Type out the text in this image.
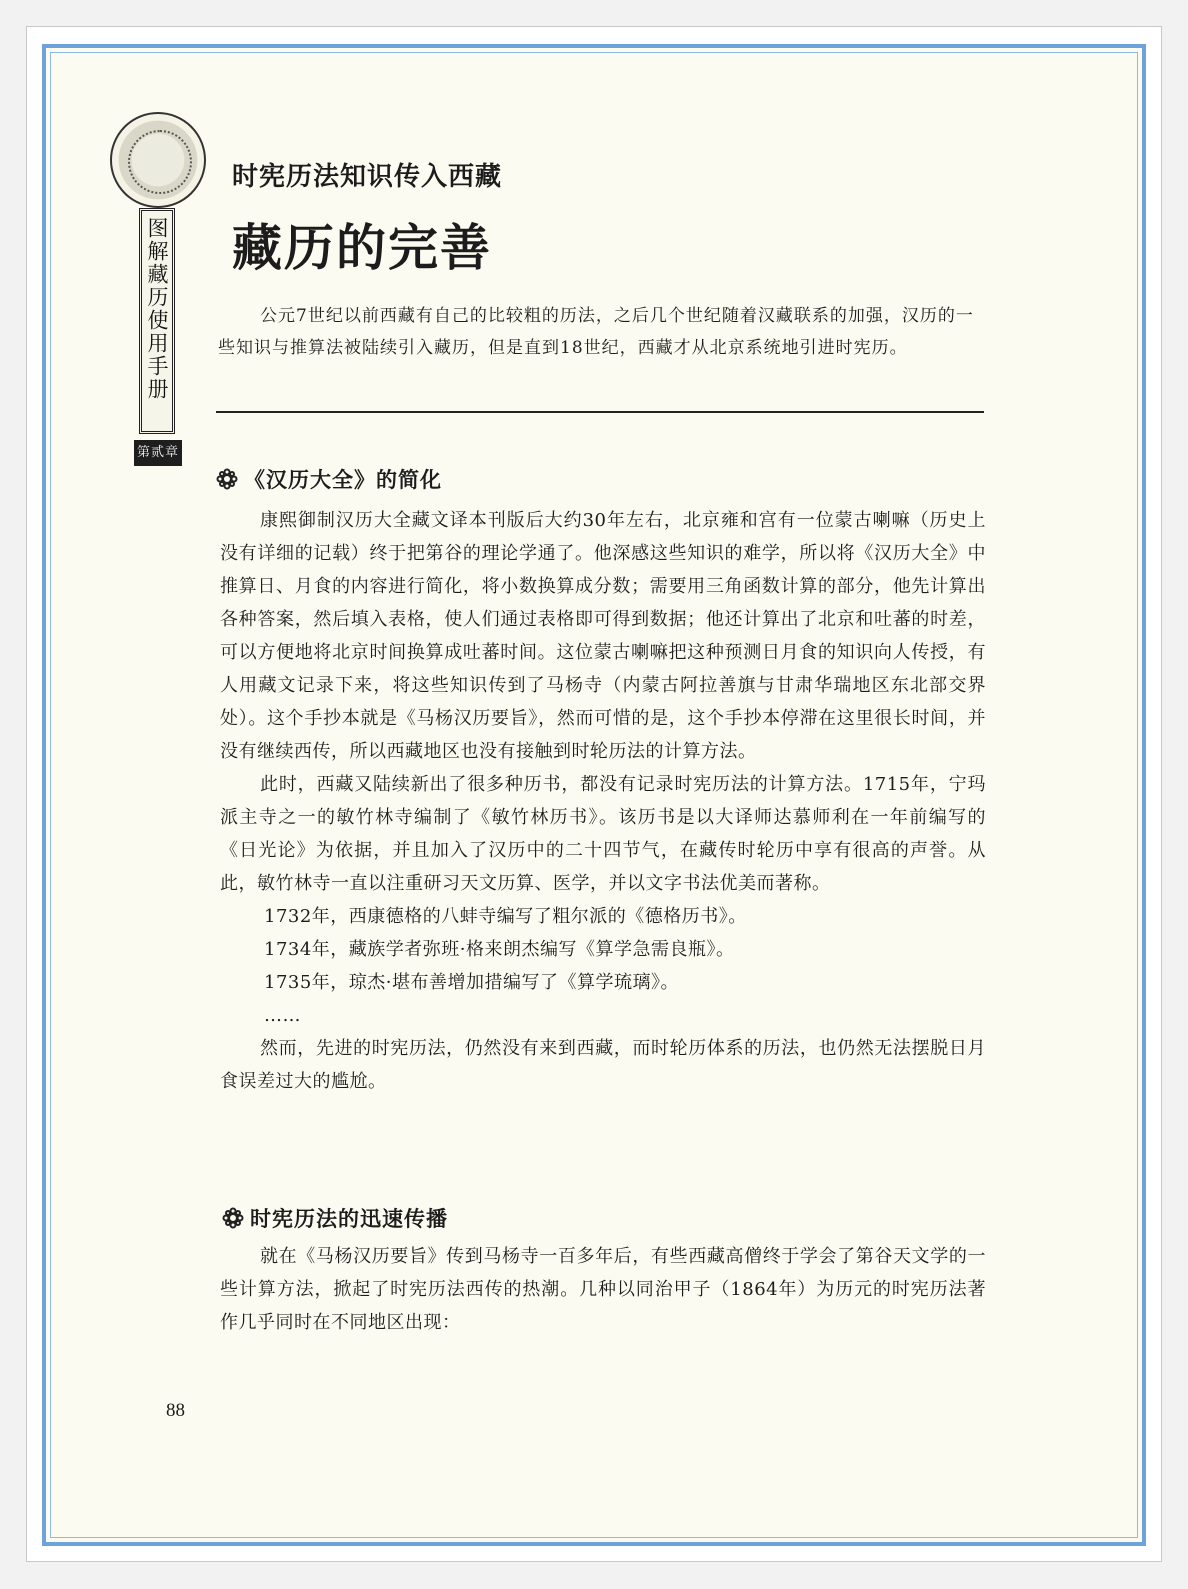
图解藏历使用手册
第贰章
时宪历法知识传入西藏
藏历的完善

公元7世纪以前西藏有自己的比较粗的历法，之后几个世纪随着汉藏联系的加强，汉历的一些知识与推算法被陆续引入藏历，但是直到18世纪，西藏才从北京系统地引进时宪历。

《汉历大全》的简化

康熙御制汉历大全藏文译本刊版后大约30年左右，北京雍和宫有一位蒙古喇嘛（历史上没有详细的记载）终于把第谷的理论学通了。他深感这些知识的难学，所以将《汉历大全》中推算日、月食的内容进行简化，将小数换算成分数；需要用三角函数计算的部分，他先计算出各种答案，然后填入表格，使人们通过表格即可得到数据；他还计算出了北京和吐蕃的时差，可以方便地将北京时间换算成吐蕃时间。这位蒙古喇嘛把这种预测日月食的知识向人传授，有人用藏文记录下来，将这些知识传到了马杨寺（内蒙古阿拉善旗与甘肃华瑞地区东北部交界处）。这个手抄本就是《马杨汉历要旨》，然而可惜的是，这个手抄本停滞在这里很长时间，并没有继续西传，所以西藏地区也没有接触到时轮历法的计算方法。

此时，西藏又陆续新出了很多种历书，都没有记录时宪历法的计算方法。1715年，宁玛派主寺之一的敏竹林寺编制了《敏竹林历书》。该历书是以大译师达慕师利在一年前编写的《日光论》为依据，并且加入了汉历中的二十四节气，在藏传时轮历中享有很高的声誉。从此，敏竹林寺一直以注重研习天文历算、医学，并以文字书法优美而著称。

1732年，西康德格的八蚌寺编写了粗尔派的《德格历书》。

1734年，藏族学者弥班·格来朗杰编写《算学急需良瓶》。

1735年，琼杰·堪布善增加措编写了《算学琉璃》。

……

然而，先进的时宪历法，仍然没有来到西藏，而时轮历体系的历法，也仍然无法摆脱日月食误差过大的尴尬。

时宪历法的迅速传播

就在《马杨汉历要旨》传到马杨寺一百多年后，有些西藏高僧终于学会了第谷天文学的一些计算方法，掀起了时宪历法西传的热潮。几种以同治甲子（1864年）为历元的时宪历法著作几乎同时在不同地区出现：

88
